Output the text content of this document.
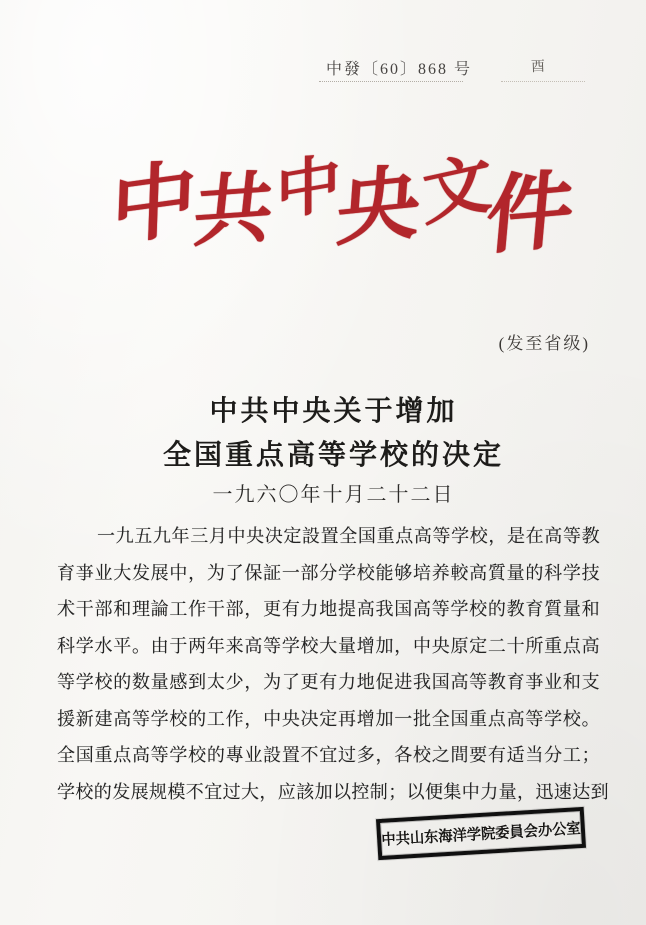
中發〔60〕868 号	酉
中
共
中
央
文
件
(发至省级)
中共中央关于增加
全国重点高等学校的决定
一九六〇年十月二十二日
一九五九年三月中央决定設置全国重点高等学校，是在高等教
育亊业大发展中，为了保証一部分学校能够培养較高質量的科学技
术干部和理論工作干部，更有力地提高我国高等学校的教育質量和
科学水平。由于两年来高等学校大量增加，中央原定二十所重点高
等学校的数量感到太少，为了更有力地促进我国高等教育亊业和支
援新建高等学校的工作，中央决定再增加一批全国重点高等学校。
全国重点高等学校的專业設置不宜过多，各校之間要有适当分工；
学校的发展规模不宜过大，应該加以控制；以便集中力量，迅速达到
中共山东海洋学院委員会办公室
